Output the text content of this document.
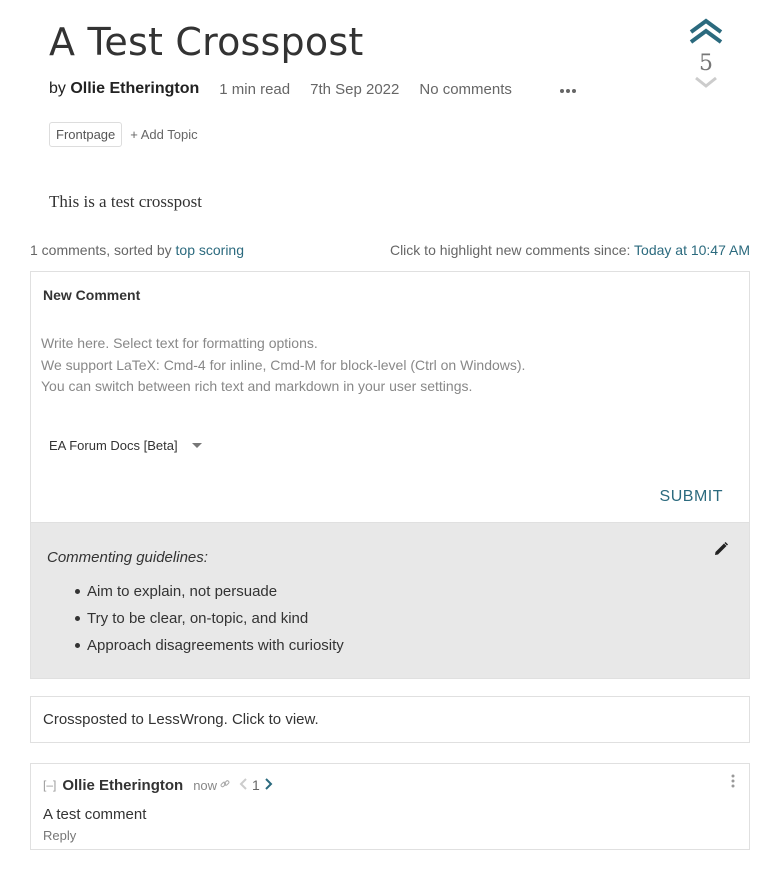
A Test Crosspost
by Ollie Etherington 1 min read 7th Sep 2022 No comments
5
Frontpage	+ Add Topic
This is a test crosspost
1 comments, sorted by top scoring	Click to highlight new comments since: Today at 10:47 AM
New Comment
Write here. Select text for formatting options.
We support LaTeX: Cmd-4 for inline, Cmd-M for block-level (Ctrl on Windows).
You can switch between rich text and markdown in your user settings.
EA Forum Docs [Beta]
SUBMIT
Commenting guidelines:
Aim to explain, not persuade
Try to be clear, on-topic, and kind
Approach disagreements with curiosity
Crossposted to LessWrong. Click to view.
[–] Ollie Etherington now	1
A test comment
Reply
